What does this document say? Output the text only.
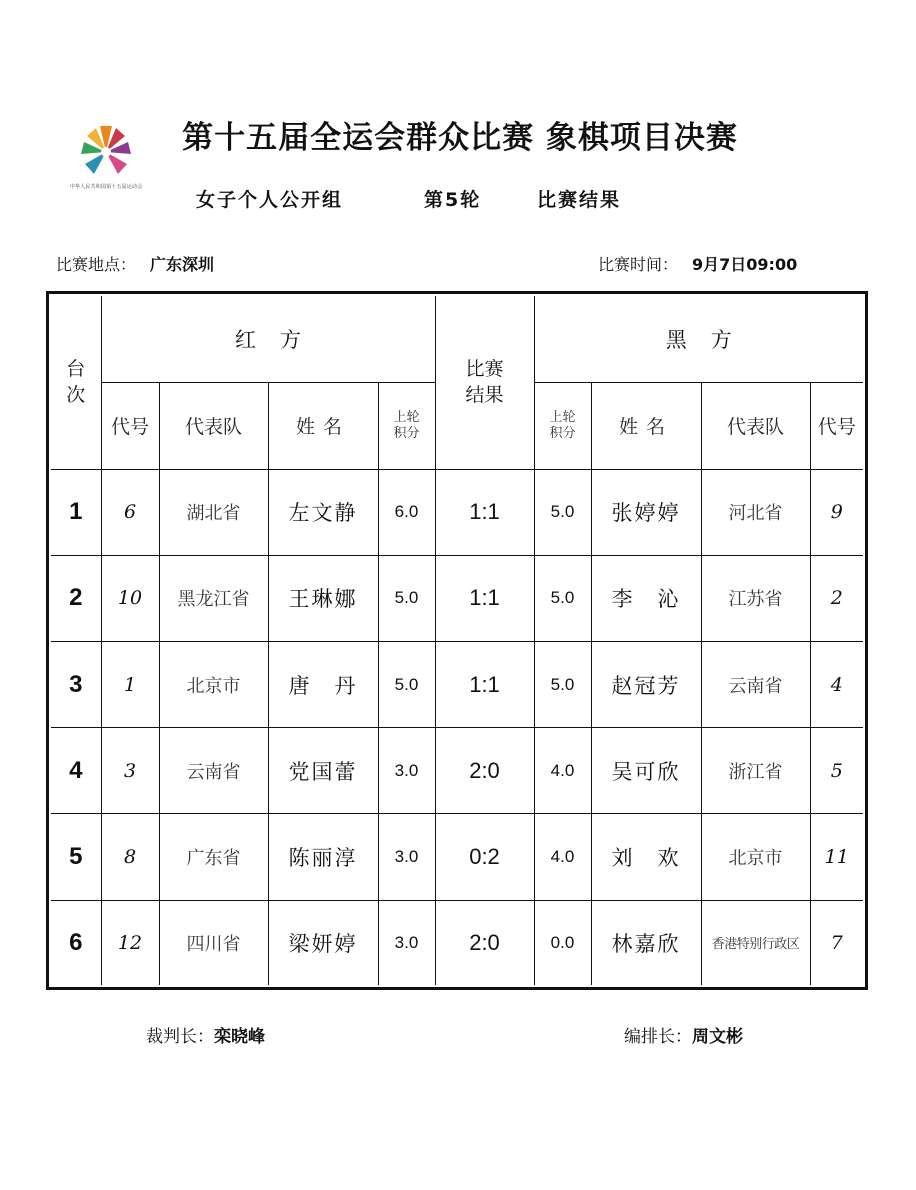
中华人民共和国第十五届运动会
第十五届全运会群众比赛 象棋项目决赛
女子个人公开组	第5轮	比赛结果
比赛地点： 广东深圳	比赛时间： 9月7日09:00
台次	红方				比赛结果	黑方			
	代号	代表队	姓名	上轮积分		上轮积分	姓名	代表队	代号
1	6	湖北省	左文静	6.0	1:1	5.0	张婷婷	河北省	9
2	10	黑龙江省	王琳娜	5.0	1:1	5.0	李　沁	江苏省	2
3	1	北京市	唐　丹	5.0	1:1	5.0	赵冠芳	云南省	4
4	3	云南省	党国蕾	3.0	2:0	4.0	吴可欣	浙江省	5
5	8	广东省	陈丽淳	3.0	0:2	4.0	刘　欢	北京市	11
6	12	四川省	梁妍婷	3.0	2:0	0.0	林嘉欣	香港特别行政区	7
裁判长：栾晓峰	编排长：周文彬
